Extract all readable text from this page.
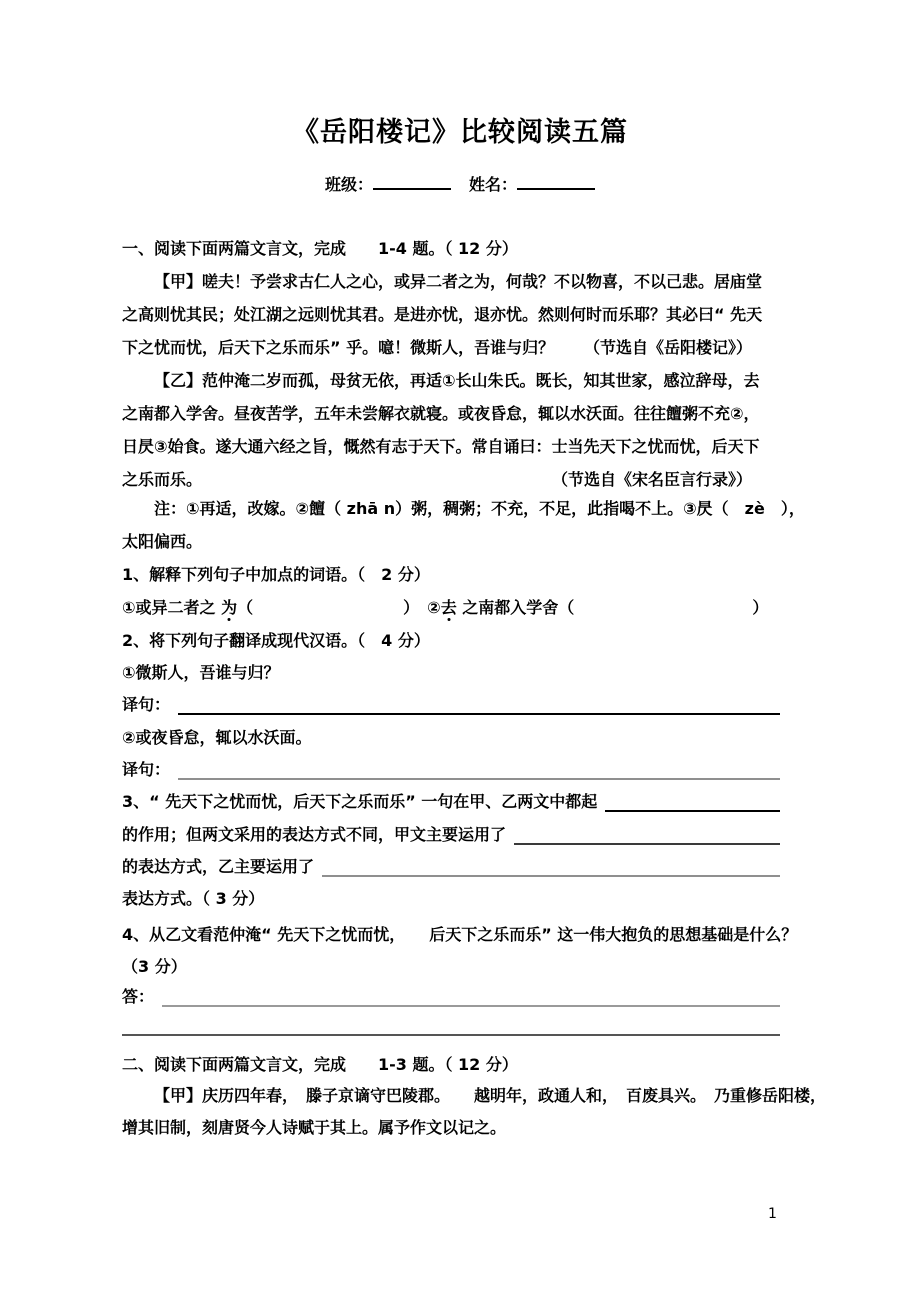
《岳阳楼记》比较阅读五篇
班级：	姓名：
一、阅读下面两篇文言文，完成　　1-4 题。（ 12 分）
【甲】嗟夫！予尝求古仁人之心，或异二者之为，何哉？不以物喜，不以己悲。居庙堂
之高则忧其民；处江湖之远则忧其君。是进亦忧，退亦忧。然则何时而乐耶？其必曰“ 先天
下之忧而忧，后天下之乐而乐” 乎。噫！微斯人，吾谁与归？ （节选自《岳阳楼记》）
【乙】范仲淹二岁而孤，母贫无依，再适①长山朱氏。既长，知其世家，感泣辞母，去
之南都入学舍。昼夜苦学，五年未尝解衣就寝。或夜昏怠，辄以水沃面。往往饘粥不充②，
日昃③始食。遂大通六经之旨，慨然有志于天下。常自诵曰：士当先天下之忧而忧，后天下
之乐而乐。	（节选自《宋名臣言行录》）
注：①再适，改嫁。②饘（ zhā n）粥，稠粥；不充，不足，此指喝不上。③昃（　zè　），
太阳偏西。
1、解释下列句子中加点的词语。（　2 分）
①或异二者之 为（	）　②去 之南都入学舍（	）
2、将下列句子翻译成现代汉语。（　4 分）
①微斯人，吾谁与归？
译句：
②或夜昏怠，辄以水沃面。
译句：
3、“ 先天下之忧而忧，后天下之乐而乐” 一句在甲、乙两文中都起
的作用；但两文采用的表达方式不同，甲文主要运用了
的表达方式，乙主要运用了
表达方式。（ 3 分）
4、从乙文看范仲淹“ 先天下之忧而忧，　　后天下之乐而乐” 这一伟大抱负的思想基础是什么？
（3 分）
答：
二、阅读下面两篇文言文，完成　　1-3 题。（ 12 分）
【甲】庆历四年春，　滕子京谪守巴陵郡。　　越明年，政通人和，　百废具兴。　乃重修岳阳楼，
增其旧制，刻唐贤今人诗赋于其上。属予作文以记之。
1
